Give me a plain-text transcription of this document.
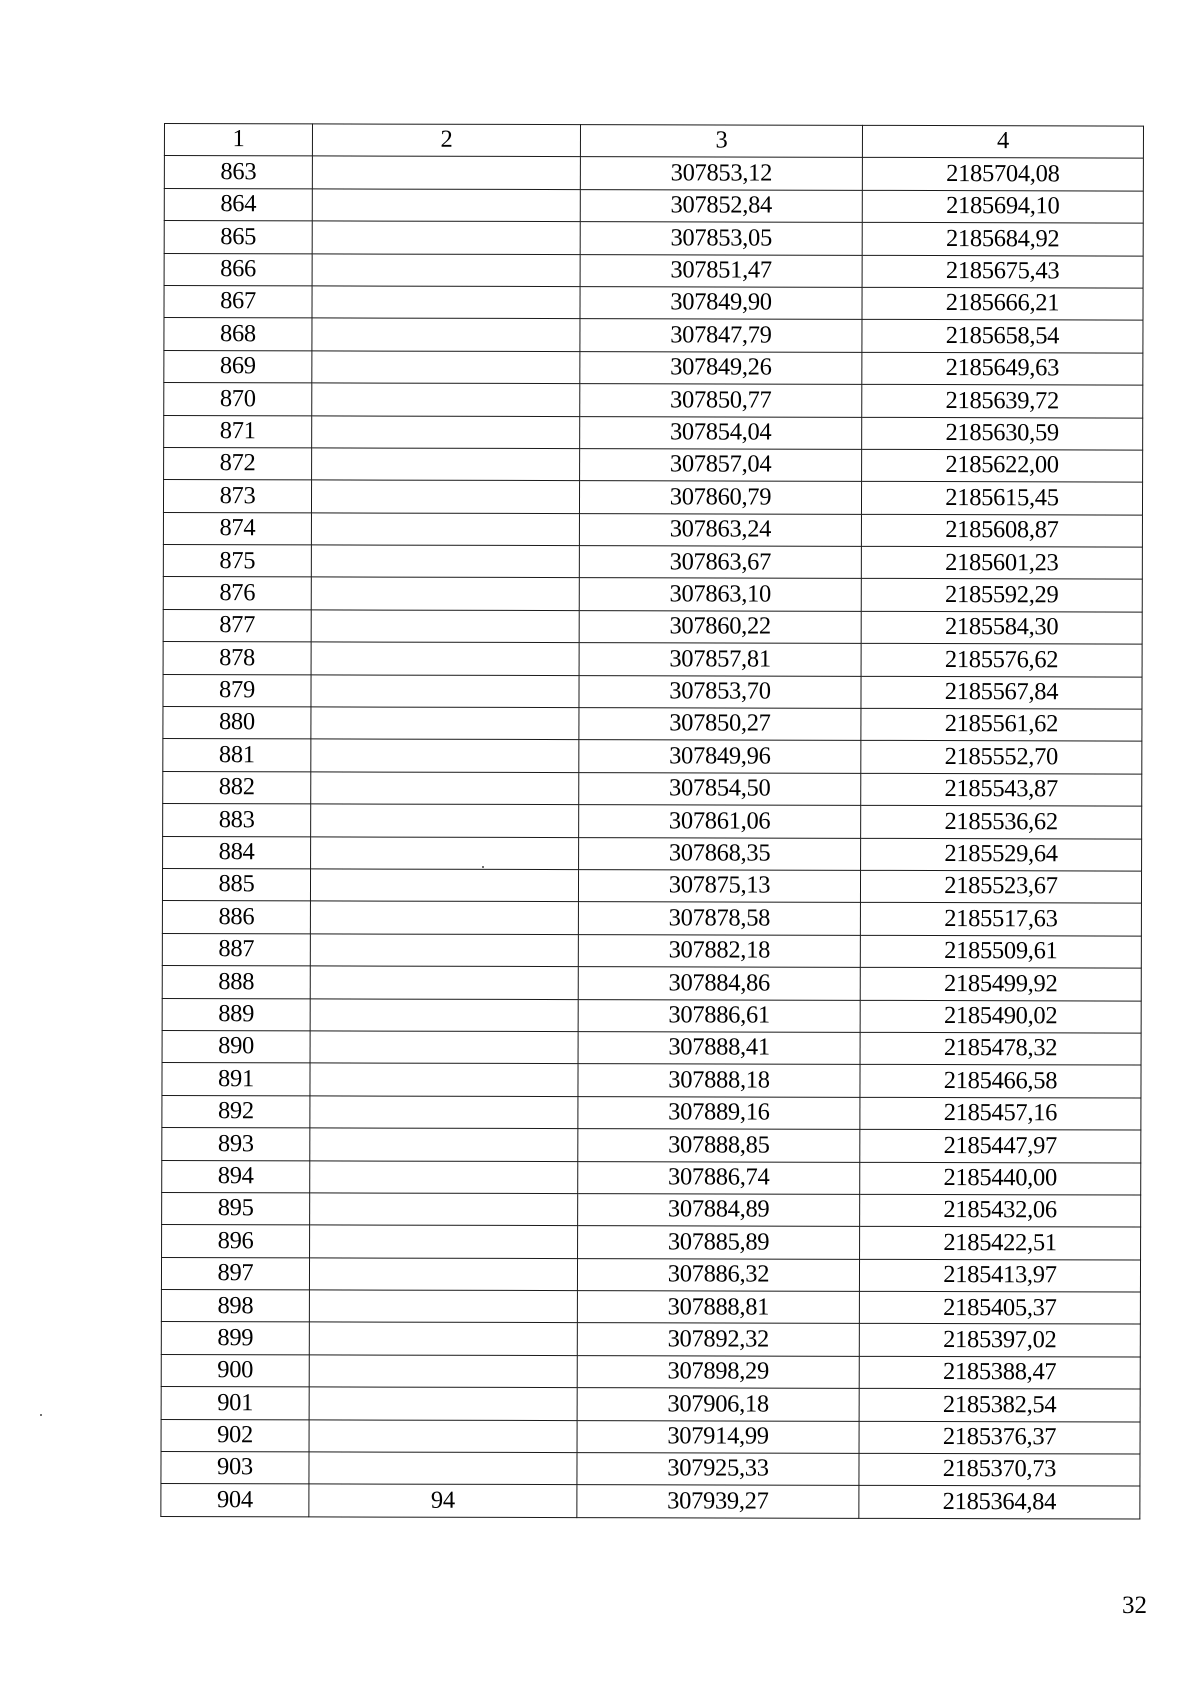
1	2	3	4
863		307853,12	2185704,08
864		307852,84	2185694,10
865		307853,05	2185684,92
866		307851,47	2185675,43
867		307849,90	2185666,21
868		307847,79	2185658,54
869		307849,26	2185649,63
870		307850,77	2185639,72
871		307854,04	2185630,59
872		307857,04	2185622,00
873		307860,79	2185615,45
874		307863,24	2185608,87
875		307863,67	2185601,23
876		307863,10	2185592,29
877		307860,22	2185584,30
878		307857,81	2185576,62
879		307853,70	2185567,84
880		307850,27	2185561,62
881		307849,96	2185552,70
882		307854,50	2185543,87
883		307861,06	2185536,62
884		307868,35	2185529,64
885		307875,13	2185523,67
886		307878,58	2185517,63
887		307882,18	2185509,61
888		307884,86	2185499,92
889		307886,61	2185490,02
890		307888,41	2185478,32
891		307888,18	2185466,58
892		307889,16	2185457,16
893		307888,85	2185447,97
894		307886,74	2185440,00
895		307884,89	2185432,06
896		307885,89	2185422,51
897		307886,32	2185413,97
898		307888,81	2185405,37
899		307892,32	2185397,02
900		307898,29	2185388,47
901		307906,18	2185382,54
902		307914,99	2185376,37
903		307925,33	2185370,73
904	94	307939,27	2185364,84
32
